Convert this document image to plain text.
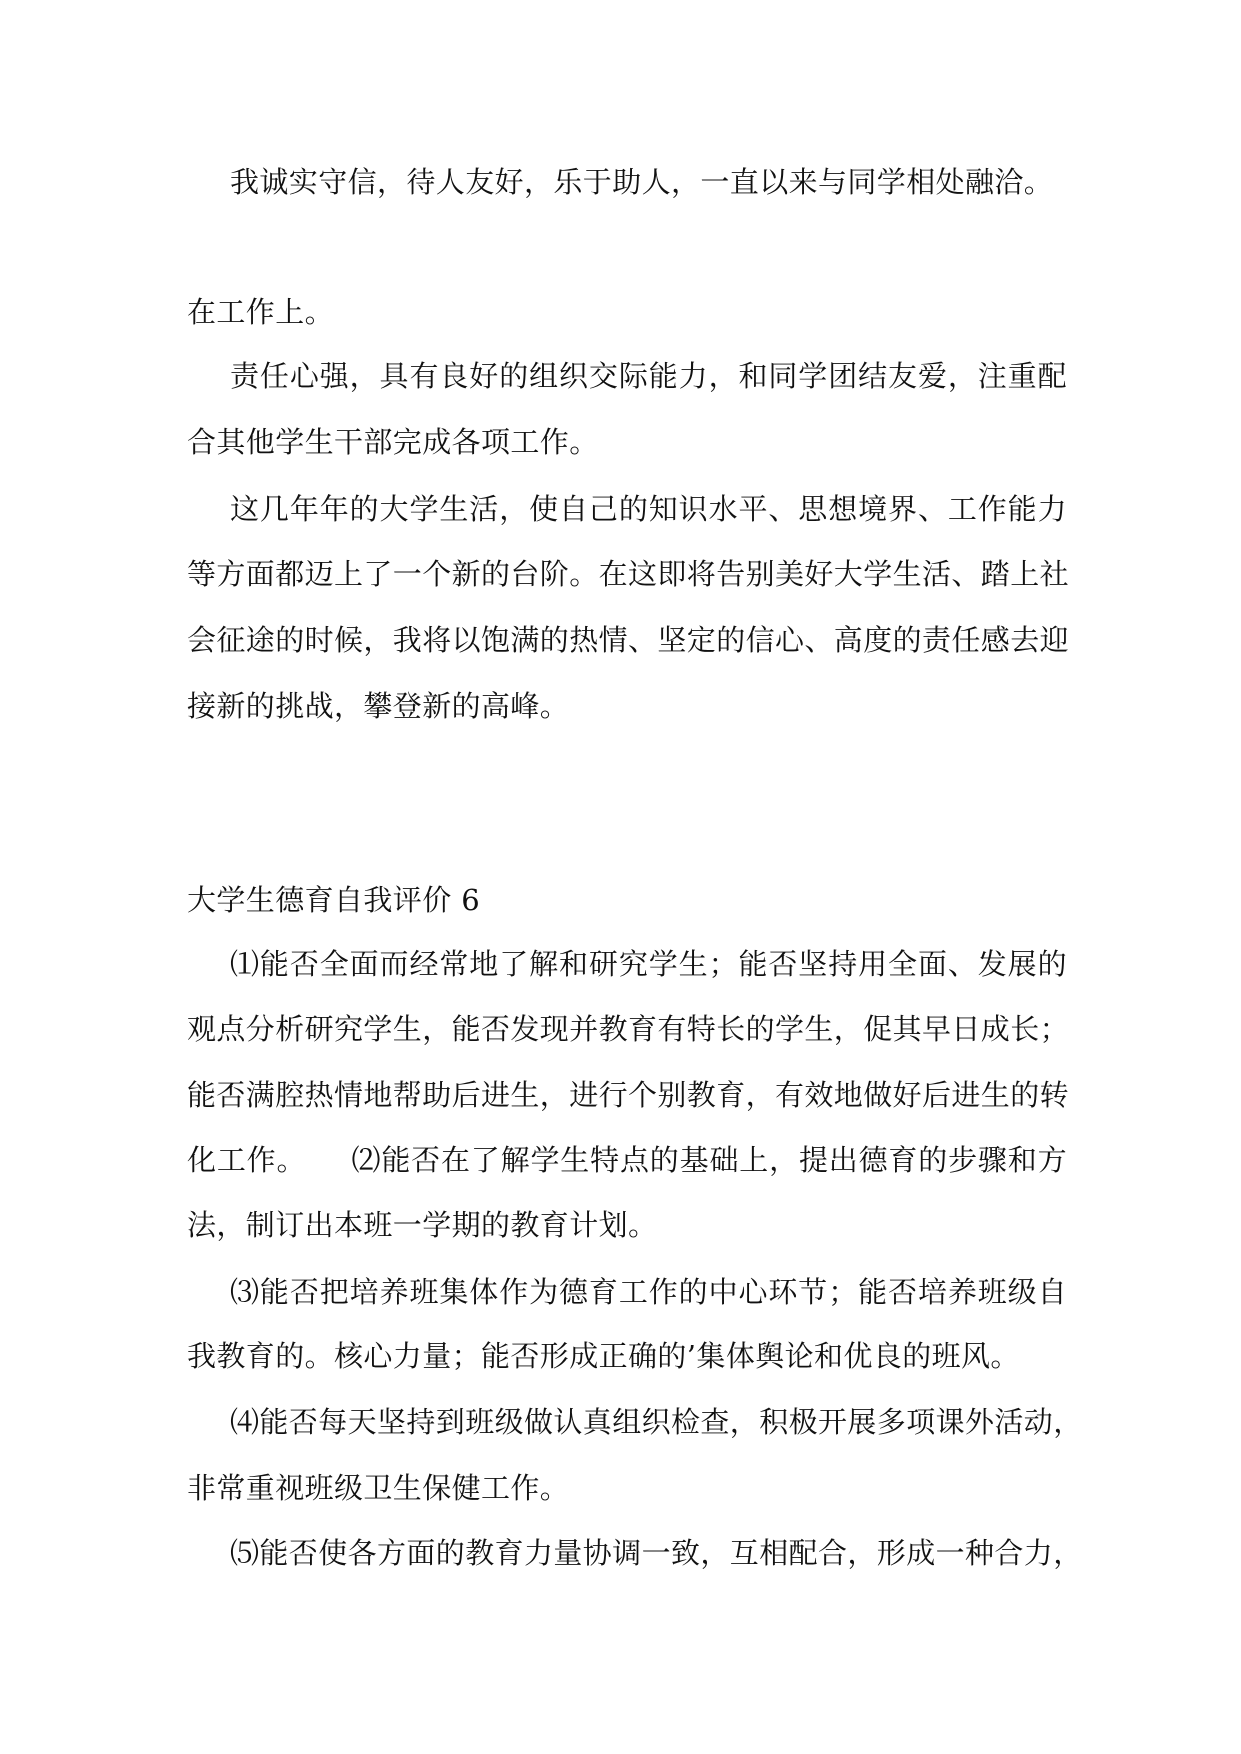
我诚实守信，待人友好，乐于助人，一直以来与同学相处融洽。
在工作上。
责任心强，具有良好的组织交际能力，和同学团结友爱，注重配
合其他学生干部完成各项工作。
这几年年的大学生活，使自己的知识水平、思想境界、工作能力
等方面都迈上了一个新的台阶。在这即将告别美好大学生活、踏上社
会征途的时候，我将以饱满的热情、坚定的信心、高度的责任感去迎
接新的挑战，攀登新的高峰。
大学生德育自我评价 6
⑴能否全面而经常地了解和研究学生；能否坚持用全面、发展的
观点分析研究学生，能否发现并教育有特长的学生，促其早日成长；
能否满腔热情地帮助后进生，进行个别教育，有效地做好后进生的转
化工作。　　⑵能否在了解学生特点的基础上，提出德育的步骤和方
法，制订出本班一学期的教育计划。
⑶能否把培养班集体作为德育工作的中心环节；能否培养班级自
我教育的。核心力量；能否形成正确的’集体舆论和优良的班风。
⑷能否每天坚持到班级做认真组织检查，积极开展多项课外活动，
非常重视班级卫生保健工作。
⑸能否使各方面的教育力量协调一致，互相配合，形成一种合力，
